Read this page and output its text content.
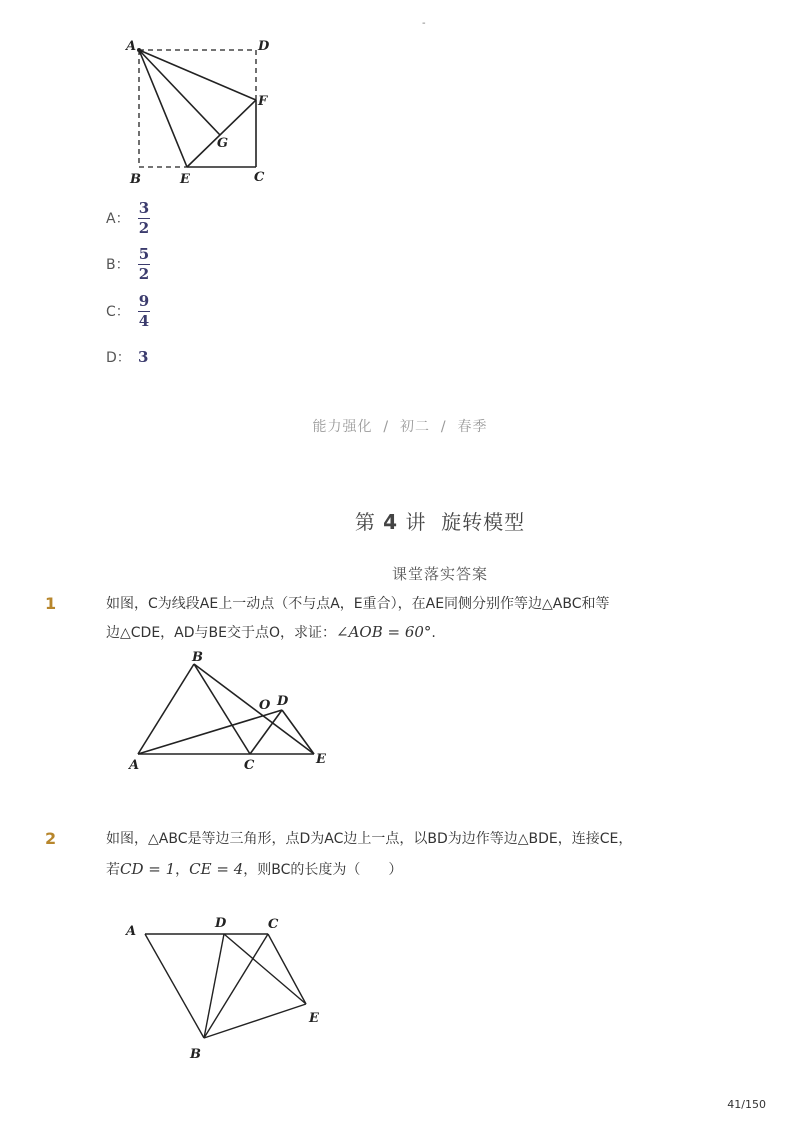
-
A	D
F
G
B	E	C
A： $\frac{3}{2}$
B： $\frac{5}{2}$
C： $\frac{9}{4}$
D： 3
能力强化 / 初二 / 春季
第 4 讲 旋转模型
课堂落实答案
1	如图，C为线段AE上一动点（不与点A，E重合），在AE同侧分别作等边△ABC和等
边△CDE，AD与BE交于点O，求证：∠AOB = 60°.
B
O D
A	C	E
2	如图，△ABC是等边三角形，点D为AC边上一点，以BD为边作等边△BDE，连接CE，
若CD = 1，CE = 4，则BC的长度为（　　）
A
D	C
E
B
41/150
